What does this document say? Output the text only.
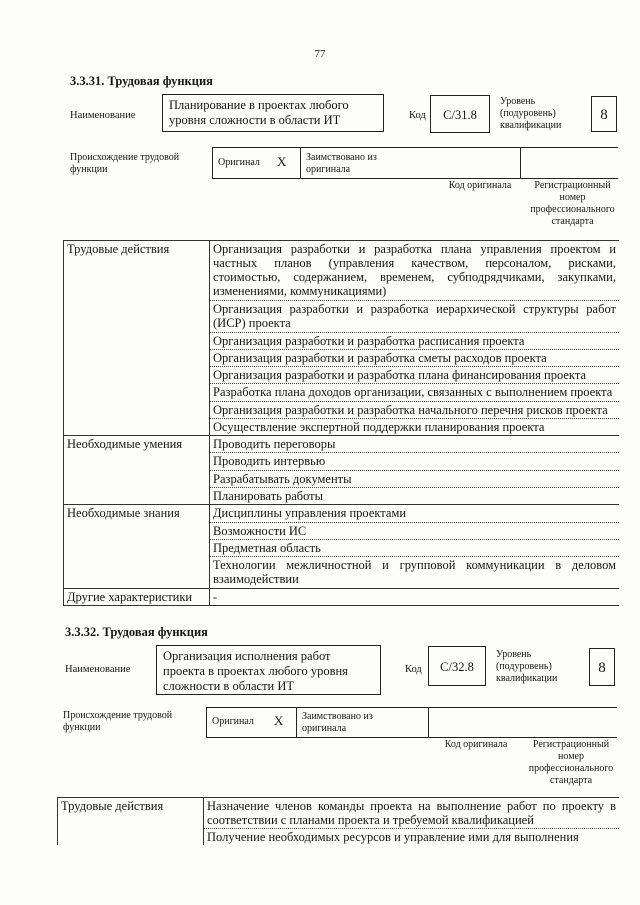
77
3.3.31. Трудовая функция
Наименование
Планирование в проектах любого уровня сложности в области ИТ	Код	C/31.8
Уровень (подуровень) квалификации
8
Происхождение трудовой функции
Оригинал X Заимствовано из оригинала
Код оригинала	Регистрационный номер профессионального стандарта
Трудовые действия	Организация разработки и разработка плана управления проектом и частных планов (управления качеством, персоналом, рисками, стоимостью, содержанием, временем, субподрядчиками, закупками, изменениями, коммуникациями)
	Организация разработки и разработка иерархической структуры работ (ИСР) проекта
	Организация разработки и разработка расписания проекта
	Организация разработки и разработка сметы расходов проекта
	Организация разработки и разработка плана финансирования проекта
	Разработка плана доходов организации, связанных с выполнением проекта
	Организация разработки и разработка начального перечня рисков проекта
	Осуществление экспертной поддержки планирования проекта
Необходимые умения	Проводить переговоры
	Проводить интервью
	Разрабатывать документы
	Планировать работы
Необходимые знания	Дисциплины управления проектами
	Возможности ИС
	Предметная область
	Технологии межличностной и групповой коммуникации в деловом взаимодействии
Другие характеристики	-
3.3.32. Трудовая функция
Наименование
Организация исполнения работ проекта в проектах любого уровня сложности в области ИТ
Код	C/32.8
Уровень (подуровень) квалификации
8
Происхождение трудовой функции
Оригинал X Заимствовано из оригинала
Код оригинала	Регистрационный номер профессионального стандарта
Трудовые действия	Назначение членов команды проекта на выполнение работ по проекту в соответствии с планами проекта и требуемой квалификацией
Получение необходимых ресурсов и управление ими для выполнения
